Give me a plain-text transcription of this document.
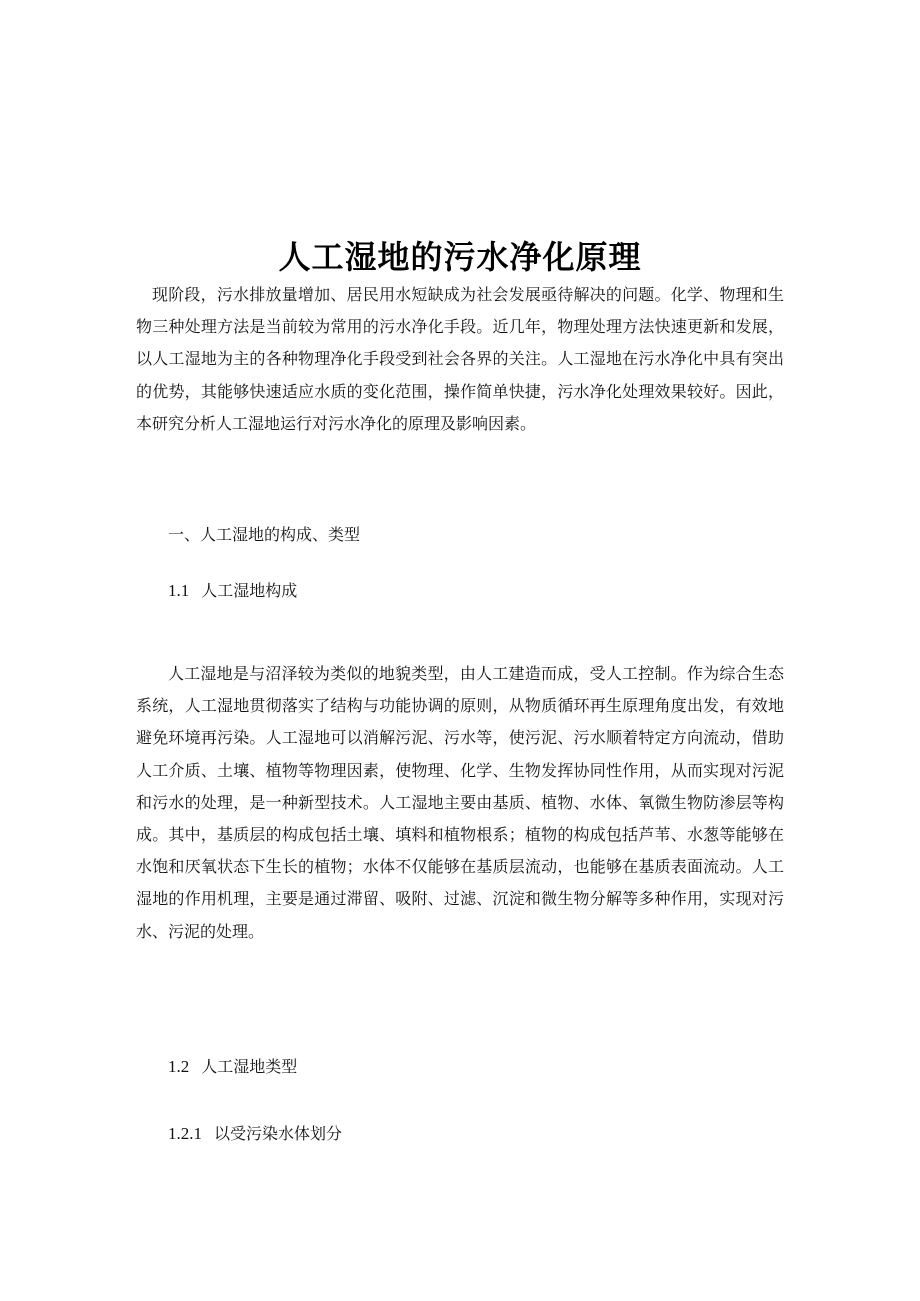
人工湿地的污水净化原理

现阶段，污水排放量增加、居民用水短缺成为社会发展亟待解决的问题。化学、物理和生物三种处理方法是当前较为常用的污水净化手段。近几年，物理处理方法快速更新和发展，以人工湿地为主的各种物理净化手段受到社会各界的关注。人工湿地在污水净化中具有突出的优势，其能够快速适应水质的变化范围，操作简单快捷，污水净化处理效果较好。因此，本研究分析人工湿地运行对污水净化的原理及影响因素。

一、人工湿地的构成、类型

1.1 人工湿地构成

人工湿地是与沼泽较为类似的地貌类型，由人工建造而成，受人工控制。作为综合生态系统，人工湿地贯彻落实了结构与功能协调的原则，从物质循环再生原理角度出发，有效地避免环境再污染。人工湿地可以消解污泥、污水等，使污泥、污水顺着特定方向流动，借助人工介质、土壤、植物等物理因素，使物理、化学、生物发挥协同性作用，从而实现对污泥和污水的处理，是一种新型技术。人工湿地主要由基质、植物、水体、氧微生物防渗层等构成。其中，基质层的构成包括土壤、填料和植物根系；植物的构成包括芦苇、水葱等能够在水饱和厌氧状态下生长的植物；水体不仅能够在基质层流动，也能够在基质表面流动。人工湿地的作用机理，主要是通过滞留、吸附、过滤、沉淀和微生物分解等多种作用，实现对污水、污泥的处理。

1.2 人工湿地类型

1.2.1 以受污染水体划分
